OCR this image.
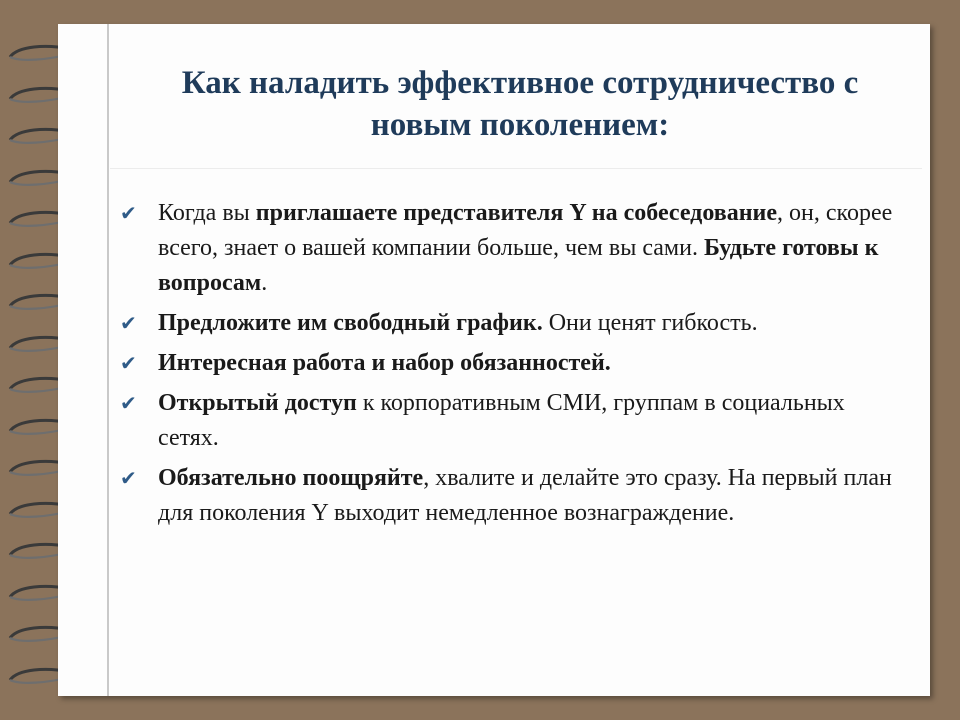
Как наладить эффективное сотрудничество с
новым поколением:
✔ Когда вы приглашаете представителя Y на собеседование, он, скорее всего, знает о вашей компании больше, чем вы сами. Будьте готовы к вопросам.
✔ Предложите им свободный график. Они ценят гибкость.
✔ Интересная работа и набор обязанностей.
✔ Открытый доступ к корпоративным СМИ, группам в социальных сетях.
✔ Обязательно поощряйте, хвалите и делайте это сразу. На первый план для поколения Y выходит немедленное вознаграждение.
